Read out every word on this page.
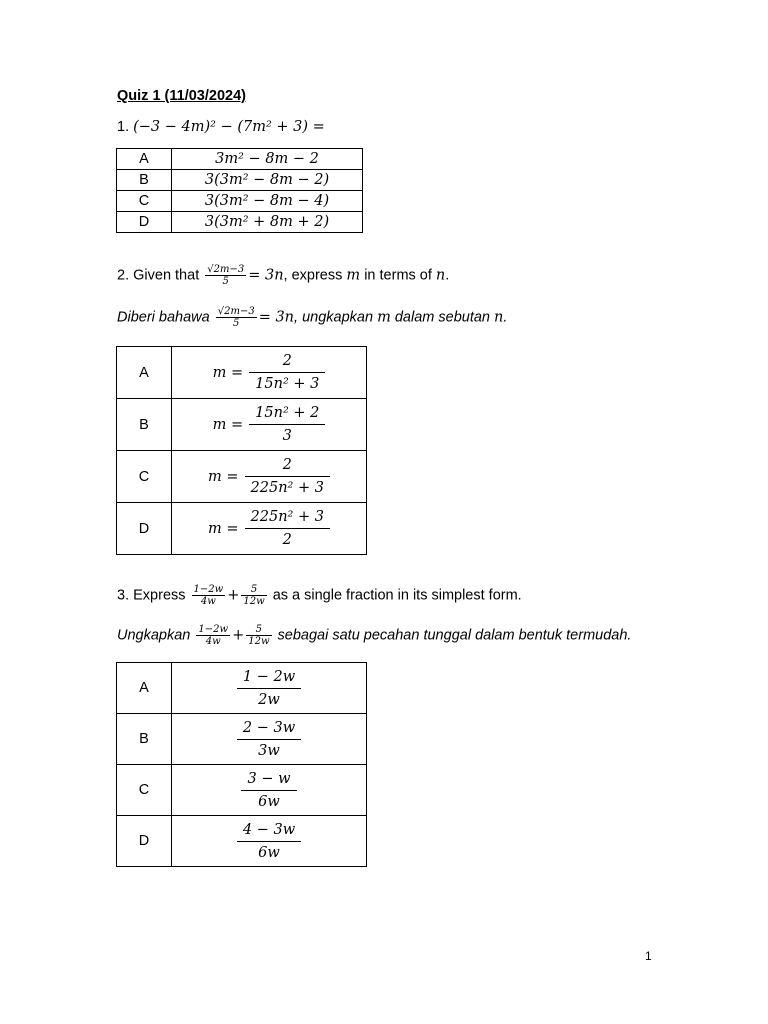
Quiz 1 (11/03/2024)
1. (−3 − 4m)² − (7m² + 3) =
A	3m² − 8m − 2
B	3(3m² − 8m − 2)
C	3(3m² − 8m − 4)
D	3(3m² + 8m + 2)
2. Given that $\frac{√2m-3}{5} = 3n$, express m in terms of n.
Diberi bahawa $\frac{√2m-3}{5} = 3n$, ungkapkan m dalam sebutan n.
A	$m = \frac{2}{\text{15n² + 3}}$

B	$m = \frac{\text{15n² + 2}}{3}$

C	$m = \frac{2}{\text{225n² + 3}}$

D	$m = \frac{\text{225n² + 3}}{2}$
3. Express $\frac{1-2w}{4w} + \frac{5}{12w}$ as a single fraction in its simplest form.
Ungkapkan $\frac{1-2w}{4w} + \frac{5}{12w}$ sebagai satu pecahan tunggal dalam bentuk termudah.
A	$\frac{1 - 2w}{2w}$

B	$\frac{2 - 3w}{3w}$

C	$\frac{3 - w}{6w}$

D	$\frac{4 - 3w}{6w}$
1
